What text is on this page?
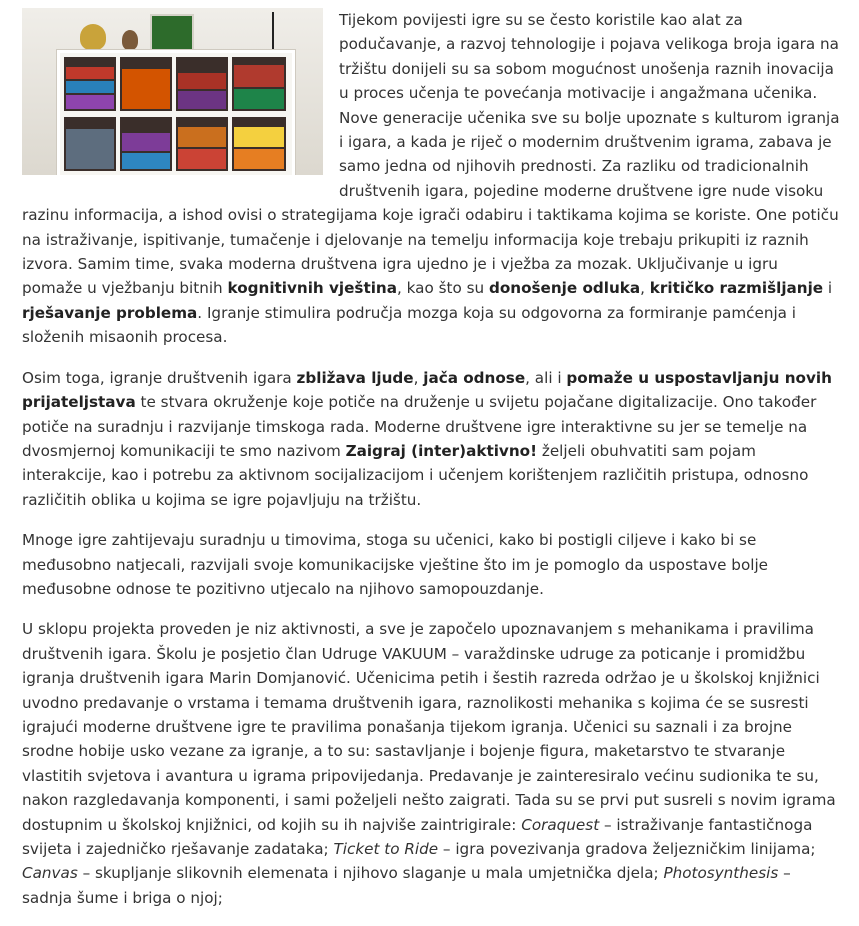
Tijekom povijesti igre su se često koristile kao alat za podučavanje, a razvoj tehnologije i pojava velikoga broja igara na tržištu donijeli su sa sobom mogućnost unošenja raznih inovacija u proces učenja te povećanja motivacije i angažmana učenika. Nove generacije učenika sve su bolje upoznate s kulturom igranja i igara, a kada je riječ o modernim društvenim igrama, zabava je samo jedna od njihovih prednosti. Za razliku od tradicionalnih društvenih igara, pojedine moderne društvene igre nude visoku razinu informacija, a ishod ovisi o strategijama koje igrači odabiru i taktikama kojima se koriste. One potiču na istraživanje, ispitivanje, tumačenje i djelovanje na temelju informacija koje trebaju prikupiti iz raznih izvora. Samim time, svaka moderna društvena igra ujedno je i vježba za mozak. Uključivanje u igru pomaže u vježbanju bitnih kognitivnih vještina, kao što su donošenje odluka, kritičko razmišljanje i rješavanje problema. Igranje stimulira područja mozga koja su odgovorna za formiranje pamćenja i složenih misaonih procesa.

Osim toga, igranje društvenih igara zbližava ljude, jača odnose, ali i pomaže u uspostavljanju novih prijateljstava te stvara okruženje koje potiče na druženje u svijetu pojačane digitalizacije. Ono također potiče na suradnju i razvijanje timskoga rada. Moderne društvene igre interaktivne su jer se temelje na dvosmjernoj komunikaciji te smo nazivom Zaigraj (inter)aktivno! željeli obuhvatiti sam pojam interakcije, kao i potrebu za aktivnom socijalizacijom i učenjem korištenjem različitih pristupa, odnosno različitih oblika u kojima se igre pojavljuju na tržištu.

Mnoge igre zahtijevaju suradnju u timovima, stoga su učenici, kako bi postigli ciljeve i kako bi se međusobno natjecali, razvijali svoje komunikacijske vještine što im je pomoglo da uspostave bolje međusobne odnose te pozitivno utjecalo na njihovo samopouzdanje.

U sklopu projekta proveden je niz aktivnosti, a sve je započelo upoznavanjem s mehanikama i pravilima društvenih igara. Školu je posjetio član Udruge VAKUUM – varaždinske udruge za poticanje i promidžbu igranja društvenih igara Marin Domjanović. Učenicima petih i šestih razreda održao je u školskoj knjižnici uvodno predavanje o vrstama i temama društvenih igara, raznolikosti mehanika s kojima će se susresti igrajući moderne društvene igre te pravilima ponašanja tijekom igranja. Učenici su saznali i za brojne srodne hobije usko vezane za igranje, a to su: sastavljanje i bojenje figura, maketarstvo te stvaranje vlastitih svjetova i avantura u igrama pripovijedanja. Predavanje je zainteresiralo većinu sudionika te su, nakon razgledavanja komponenti, i sami poželjeli nešto zaigrati. Tada su se prvi put susreli s novim igrama dostupnim u školskoj knjižnici, od kojih su ih najviše zaintrigirale: Coraquest – istraživanje fantastičnoga svijeta i zajedničko rješavanje zadataka; Ticket to Ride – igra povezivanja gradova željezničkim linijama; Canvas – skupljanje slikovnih elemenata i njihovo slaganje u mala umjetnička djela; Photosynthesis – sadnja šume i briga o njoj;
